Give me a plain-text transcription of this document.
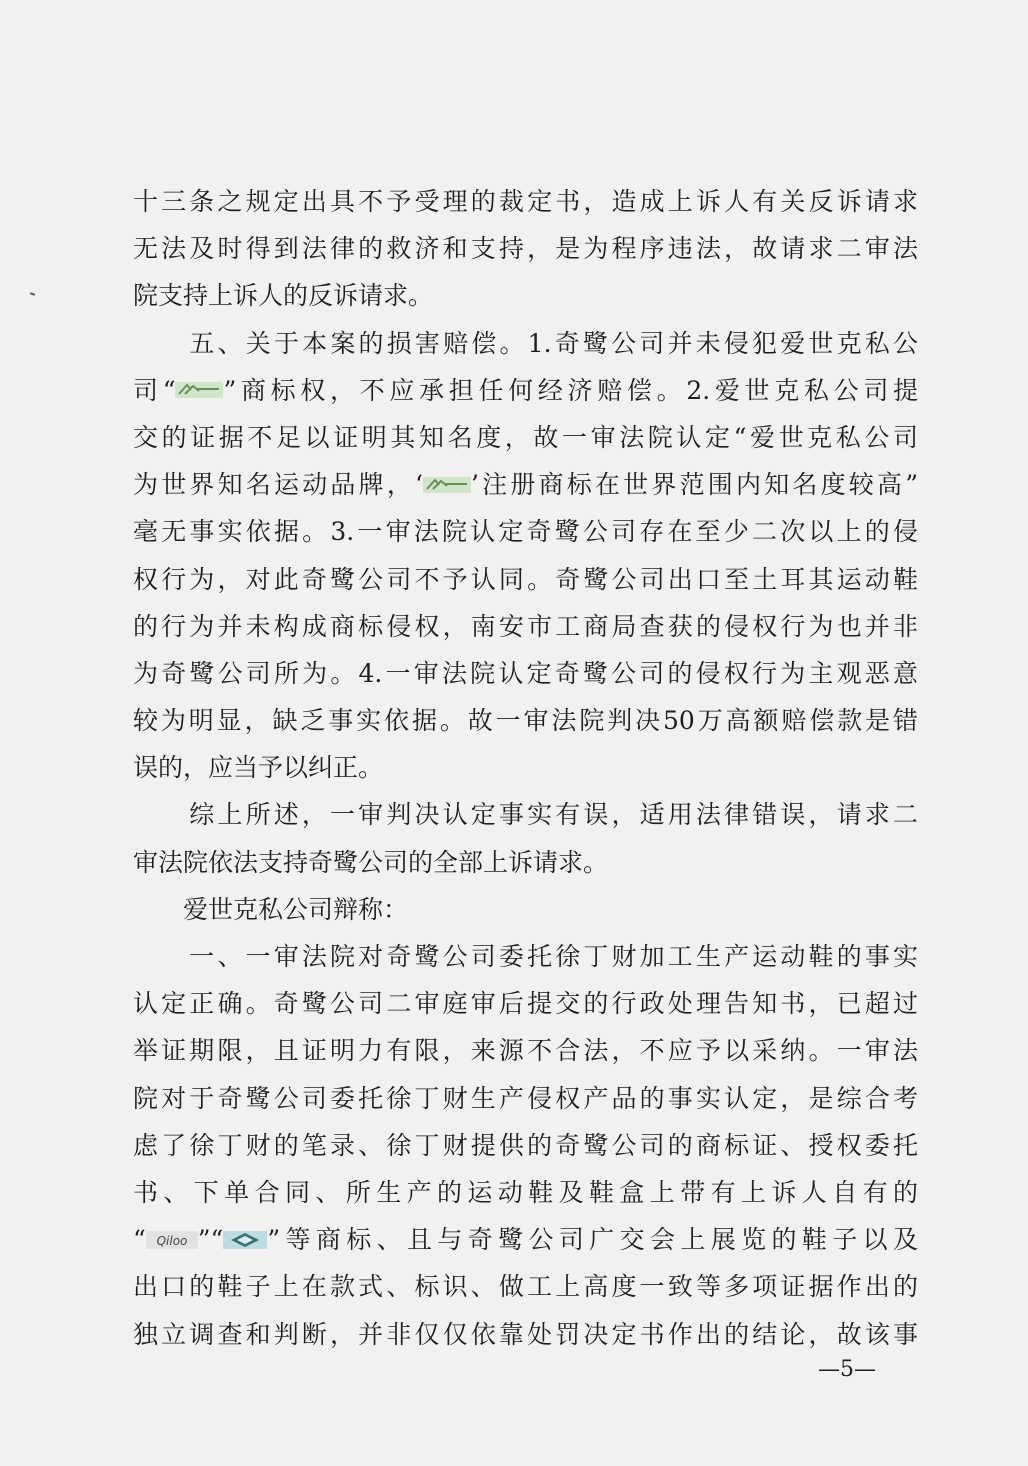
十三条之规定出具不予受理的裁定书，造成上诉人有关反诉请求
无法及时得到法律的救济和支持，是为程序违法，故请求二审法
院支持上诉人的反诉请求。
　　五、关于本案的损害赔偿。1.奇鹭公司并未侵犯爱世克私公
司“ ”商标权，不应承担任何经济赔偿。2.爱世克私公司提
交的证据不足以证明其知名度，故一审法院认定“爱世克私公司
为世界知名运动品牌，‘ ’注册商标在世界范围内知名度较高”
毫无事实依据。3.一审法院认定奇鹭公司存在至少二次以上的侵
权行为，对此奇鹭公司不予认同。奇鹭公司出口至土耳其运动鞋
的行为并未构成商标侵权，南安市工商局查获的侵权行为也并非
为奇鹭公司所为。4.一审法院认定奇鹭公司的侵权行为主观恶意
较为明显，缺乏事实依据。故一审法院判决50万高额赔偿款是错
误的，应当予以纠正。
　　综上所述，一审判决认定事实有误，适用法律错误，请求二
审法院依法支持奇鹭公司的全部上诉请求。
　　爱世克私公司辩称：
　　一、一审法院对奇鹭公司委托徐丁财加工生产运动鞋的事实
认定正确。奇鹭公司二审庭审后提交的行政处理告知书，已超过
举证期限，且证明力有限，来源不合法，不应予以采纳。一审法
院对于奇鹭公司委托徐丁财生产侵权产品的事实认定，是综合考
虑了徐丁财的笔录、徐丁财提供的奇鹭公司的商标证、授权委托
书、下单合同、所生产的运动鞋及鞋盒上带有上诉人自有的
“ Qiloo ”“ ”等商标、且与奇鹭公司广交会上展览的鞋子以及
出口的鞋子上在款式、标识、做工上高度一致等多项证据作出的
独立调查和判断，并非仅仅依靠处罚决定书作出的结论，故该事
—5—
